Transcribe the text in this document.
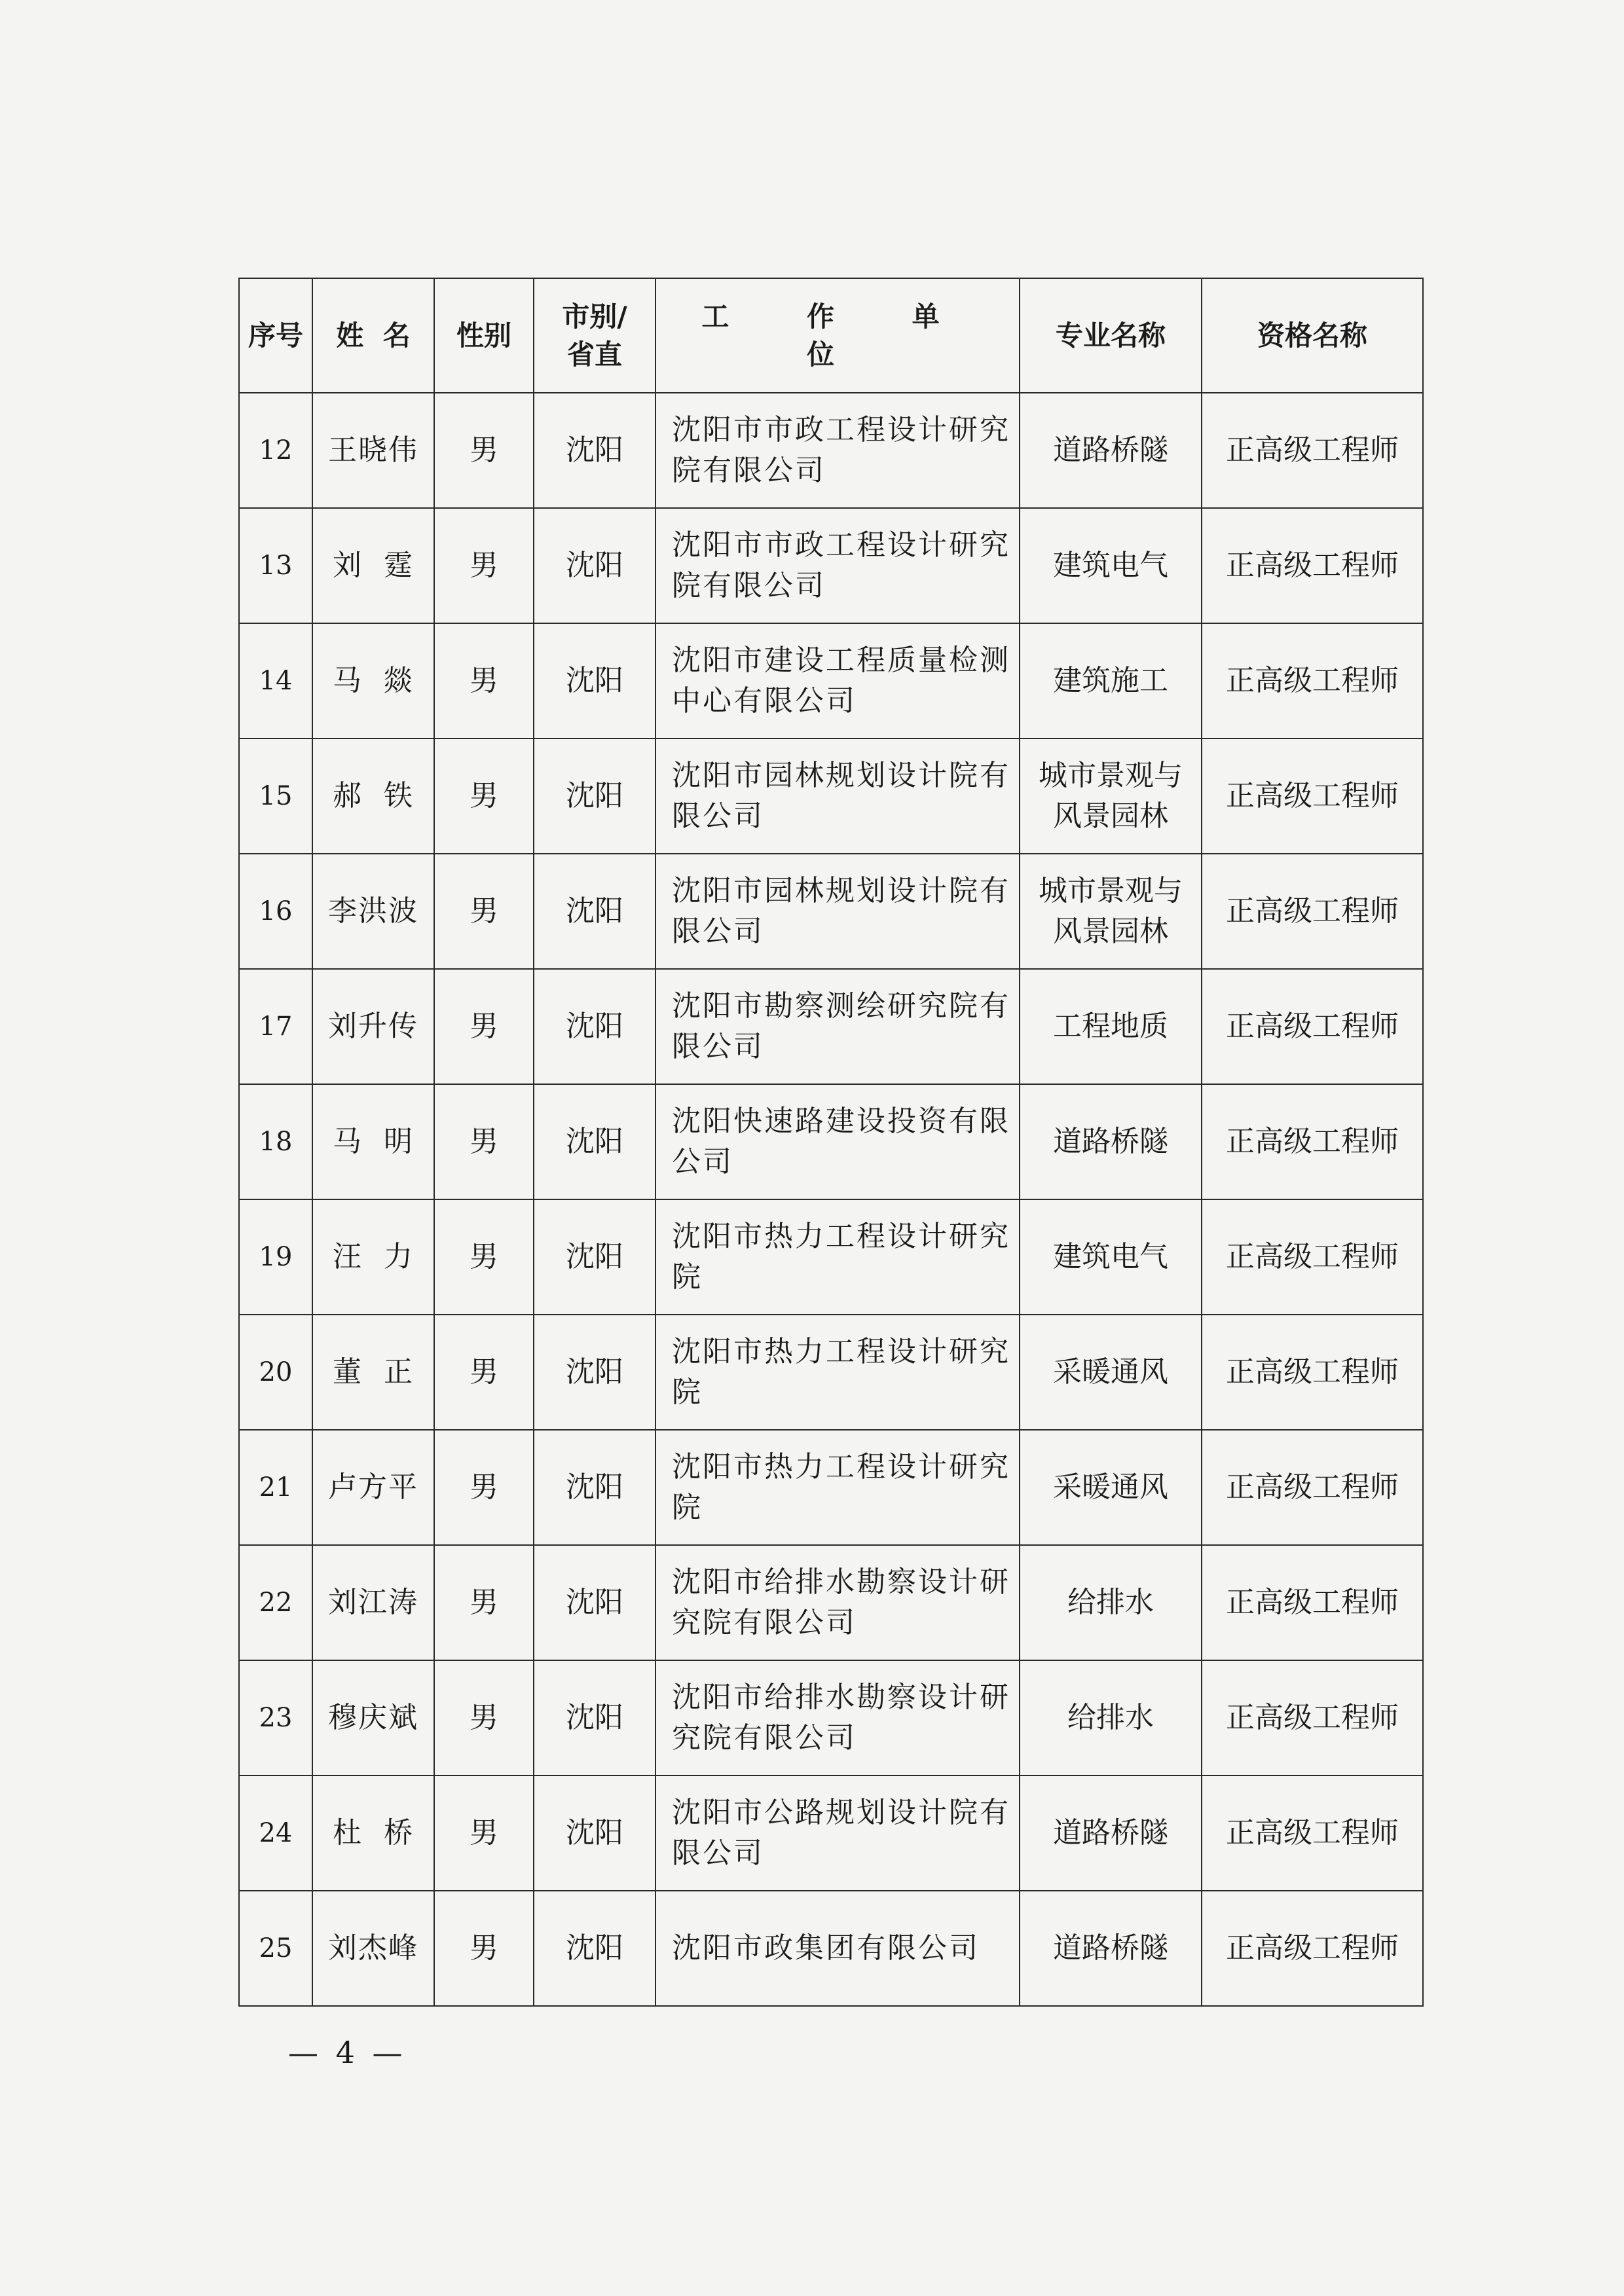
序号	姓  名	性别	市别/省直	工 作 单 位	专业名称	资格名称
12	王晓伟	男	沈阳	沈阳市市政工程设计研究院有限公司	道路桥隧	正高级工程师
13	刘  霆	男	沈阳	沈阳市市政工程设计研究院有限公司	建筑电气	正高级工程师
14	马  燚	男	沈阳	沈阳市建设工程质量检测中心有限公司	建筑施工	正高级工程师
15	郝  铁	男	沈阳	沈阳市园林规划设计院有限公司	城市景观与风景园林	正高级工程师
16	李洪波	男	沈阳	沈阳市园林规划设计院有限公司	城市景观与风景园林	正高级工程师
17	刘升传	男	沈阳	沈阳市勘察测绘研究院有限公司	工程地质	正高级工程师
18	马  明	男	沈阳	沈阳快速路建设投资有限公司	道路桥隧	正高级工程师
19	汪  力	男	沈阳	沈阳市热力工程设计研究院	建筑电气	正高级工程师
20	董  正	男	沈阳	沈阳市热力工程设计研究院	采暖通风	正高级工程师
21	卢方平	男	沈阳	沈阳市热力工程设计研究院	采暖通风	正高级工程师
22	刘江涛	男	沈阳	沈阳市给排水勘察设计研究院有限公司	给排水	正高级工程师
23	穆庆斌	男	沈阳	沈阳市给排水勘察设计研究院有限公司	给排水	正高级工程师
24	杜  桥	男	沈阳	沈阳市公路规划设计院有限公司	道路桥隧	正高级工程师
25	刘杰峰	男	沈阳	沈阳市政集团有限公司	道路桥隧	正高级工程师
— 4 —
